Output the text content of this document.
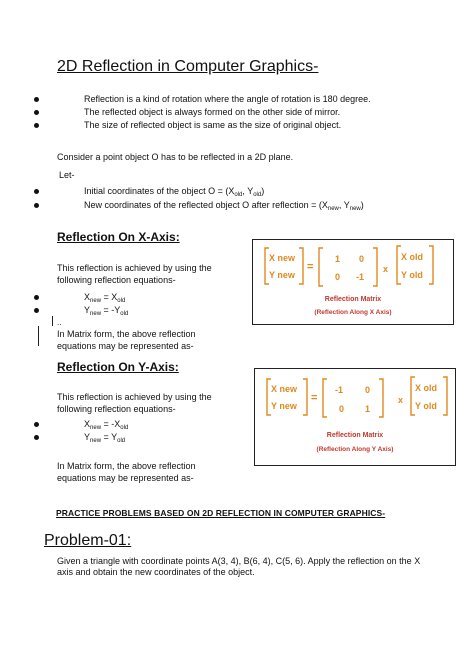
2D Reflection in Computer Graphics-
Reflection is a kind of rotation where the angle of rotation is 180 degree.
The reflected object is always formed on the other side of mirror.
The size of reflected object is same as the size of original object.
Consider a point object O has to be reflected in a 2D plane.
Let-
Initial coordinates of the object $O = (X_{old}$, $Y_{old}$)
New coordinates of the reflected object O after reflection = ($X_{new}$, $Y_{new}$)
Reflection On X-Axis:
This reflection is achieved by using the following reflection equations-
$X_{new} = X_{old}$
$Y_{new} = -Y_{old}$
..
In Matrix form, the above reflection equations may be represented as-
X new
Y new
=
1 0
0 -1
x
X old
Y old
Reflection Matrix
(Reflection Along X Axis)
Reflection On Y-Axis:
This reflection is achieved by using the following reflection equations-
$X_{new} = -X_{old}$
$Y_{new} = Y_{old}$
In Matrix form, the above reflection equations may be represented as-
X new
Y new
=
-1 0
0 1
x
X old
Y old
Reflection Matrix
(Reflection Along Y Axis)
PRACTICE PROBLEMS BASED ON 2D REFLECTION IN COMPUTER GRAPHICS-
Problem-01:
Given a triangle with coordinate points A(3, 4), B(6, 4), C(5, 6). Apply the reflection on the X axis and obtain the new coordinates of the object.
